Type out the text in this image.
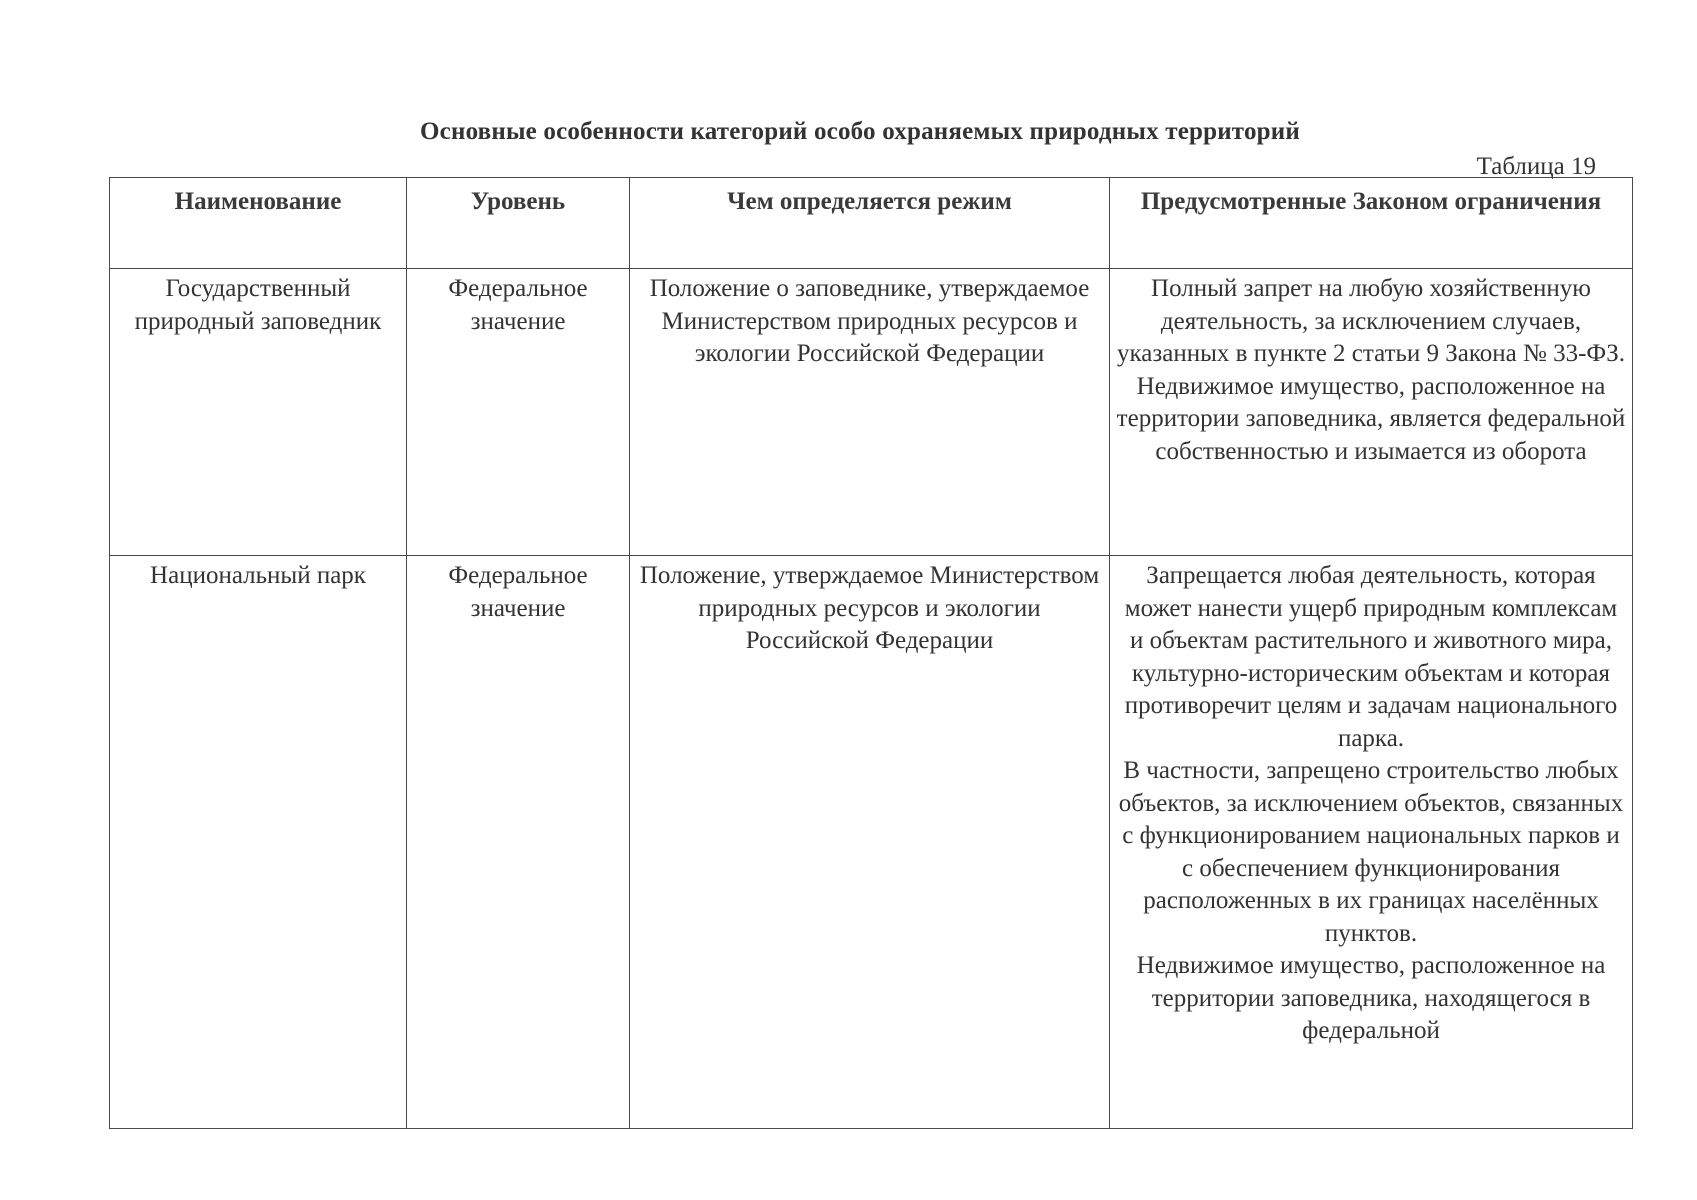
Основные особенности категорий особо охраняемых природных территорий
Таблица 19
Наименование	Уровень	Чем определяется режим	Предусмотренные Законом ограничения
Государственный природный заповедник	Федеральное значение	Положение о заповеднике, утверждаемое Министерством природных ресурсов и экологии Российской Федерации	Полный запрет на любую хозяйственную деятельность, за исключением случаев, указанных в пункте 2 статьи 9 Закона № 33-ФЗ.
Недвижимое имущество, расположенное на территории заповедника, является федеральной собственностью и изымается из оборота

Национальный парк	Федеральное значение	Положение, утверждаемое Министерством природных ресурсов и экологии Российской Федерации	Запрещается любая деятельность, которая может нанести ущерб природным комплексам и объектам растительного и животного мира, культурно-историческим объектам и которая противоречит целям и задачам национального парка.
В частности, запрещено строительство любых объектов, за исключением объектов, связанных с функционированием национальных парков и с обеспечением функционирования расположенных в их границах населённых пунктов.
Недвижимое имущество, расположенное на территории заповедника, находящегося в федеральной
